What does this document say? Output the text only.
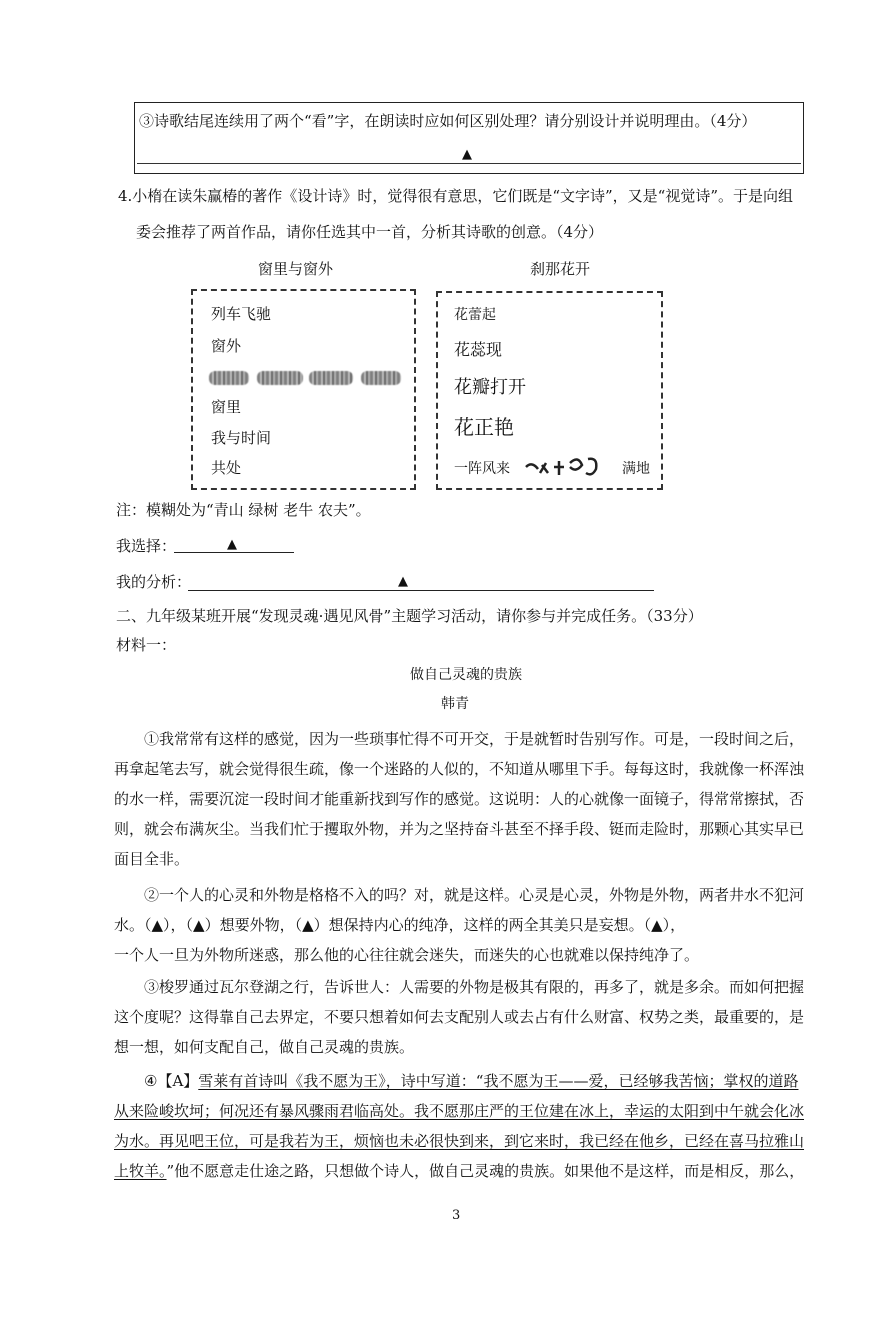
③诗歌结尾连续用了两个“看”字，在朗读时应如何区别处理？请分别设计并说明理由。（4分）
▲
4.小楕在读朱赢椿的著作《设计诗》时，觉得很有意思，它们既是“文字诗”，又是“视觉诗”。于是向组
委会推荐了两首作品，请你任选其中一首，分析其诗歌的创意。（4分）
窗里与窗外
列车飞驰
窗外
窗里
我与时间
共处
刹那花开
花蕾起
花蕊现
花瓣打开
花正艳
一阵风来	满地
注：模糊处为“青山 绿树 老牛 农夫”。
我选择：	▲
我的分析：	▲
二、九年级某班开展“发现灵魂·遇见风骨”主题学习活动，请你参与并完成任务。（33分）
材料一：
做自己灵魂的贵族
韩青
①我常常有这样的感觉，因为一些琐事忙得不可开交，于是就暂时告别写作。可是，一段时间之后，
再拿起笔去写，就会觉得很生疏，像一个迷路的人似的，不知道从哪里下手。每每这时，我就像一杯浑浊
的水一样，需要沉淀一段时间才能重新找到写作的感觉。这说明：人的心就像一面镜子，得常常擦拭，否
则，就会布满灰尘。当我们忙于攫取外物，并为之坚持奋斗甚至不择手段、铤而走险时，那颗心其实早已
面目全非。
②一个人的心灵和外物是格格不入的吗？对，就是这样。心灵是心灵，外物是外物，两者井水不犯河
水。（▲），（▲）想要外物，（▲）想保持内心的纯净，这样的两全其美只是妄想。（▲），
一个人一旦为外物所迷惑，那么他的心往往就会迷失，而迷失的心也就难以保持纯净了。
③梭罗通过瓦尔登湖之行，告诉世人：人需要的外物是极其有限的，再多了，就是多余。而如何把握
这个度呢？这得靠自己去界定，不要只想着如何去支配别人或去占有什么财富、权势之类，最重要的，是
想一想，如何支配自己，做自己灵魂的贵族。
④【A】雪莱有首诗叫《我不愿为王》，诗中写道：“我不愿为王——爱，已经够我苦恼；掌权的道路
从来险峻坎坷；何况还有暴风骤雨君临高处。我不愿那庄严的王位建在冰上，幸运的太阳到中午就会化冰
为水。再见吧王位，可是我若为王，烦恼也未必很快到来，到它来时，我已经在他乡，已经在喜马拉雅山
上牧羊。”他不愿意走仕途之路，只想做个诗人，做自己灵魂的贵族。如果他不是这样，而是相反，那么，
3
